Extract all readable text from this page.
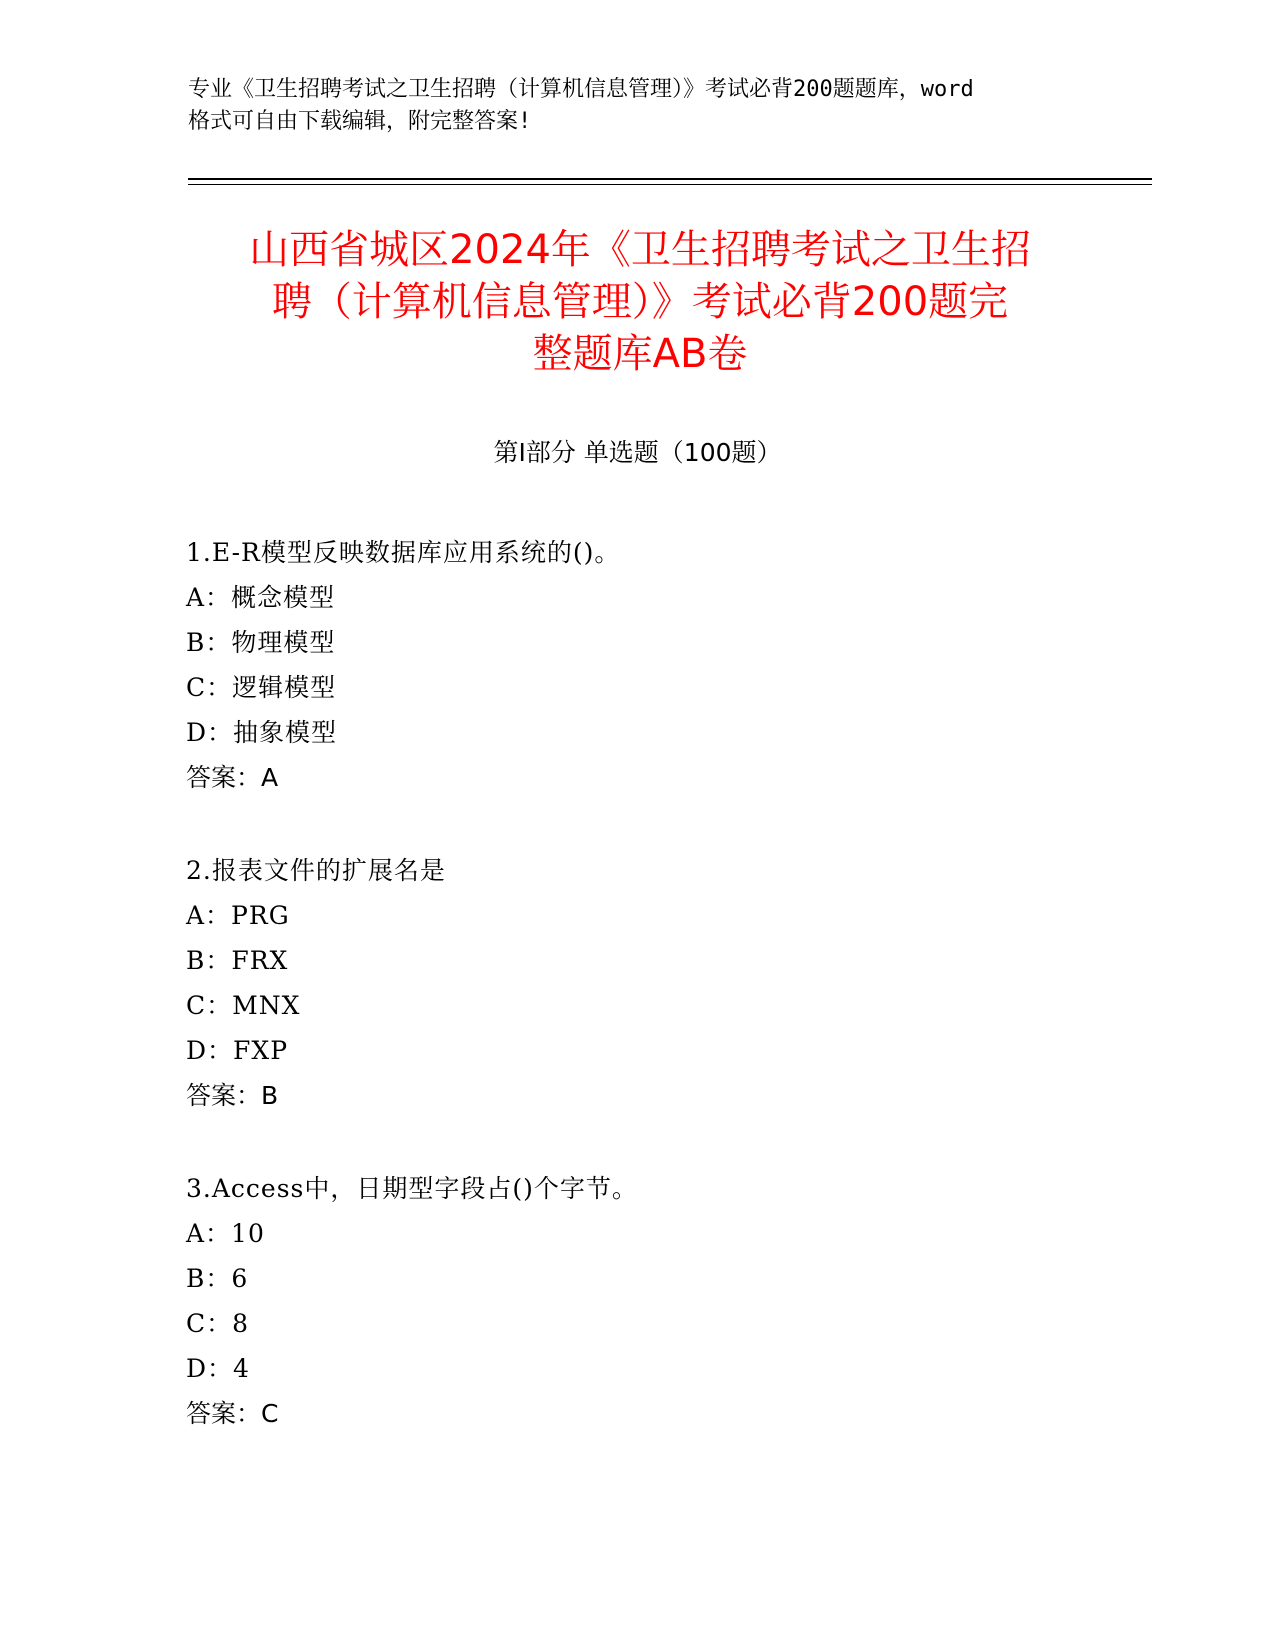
专业《卫生招聘考试之卫生招聘（计算机信息管理）》考试必背200题题库，word
格式可自由下载编辑，附完整答案!
山西省城区2024年《卫生招聘考试之卫生招
聘（计算机信息管理）》考试必背200题完
整题库AB卷
第Ⅰ部分 单选题（100题）
1.E-R模型反映数据库应用系统的()。
A：概念模型
B：物理模型
C：逻辑模型
D：抽象模型
答案：A
2.报表文件的扩展名是
A：PRG
B：FRX
C：MNX
D：FXP
答案：B
3.Access中，日期型字段占()个字节。
A：10
B：6
C：8
D：4
答案：C
